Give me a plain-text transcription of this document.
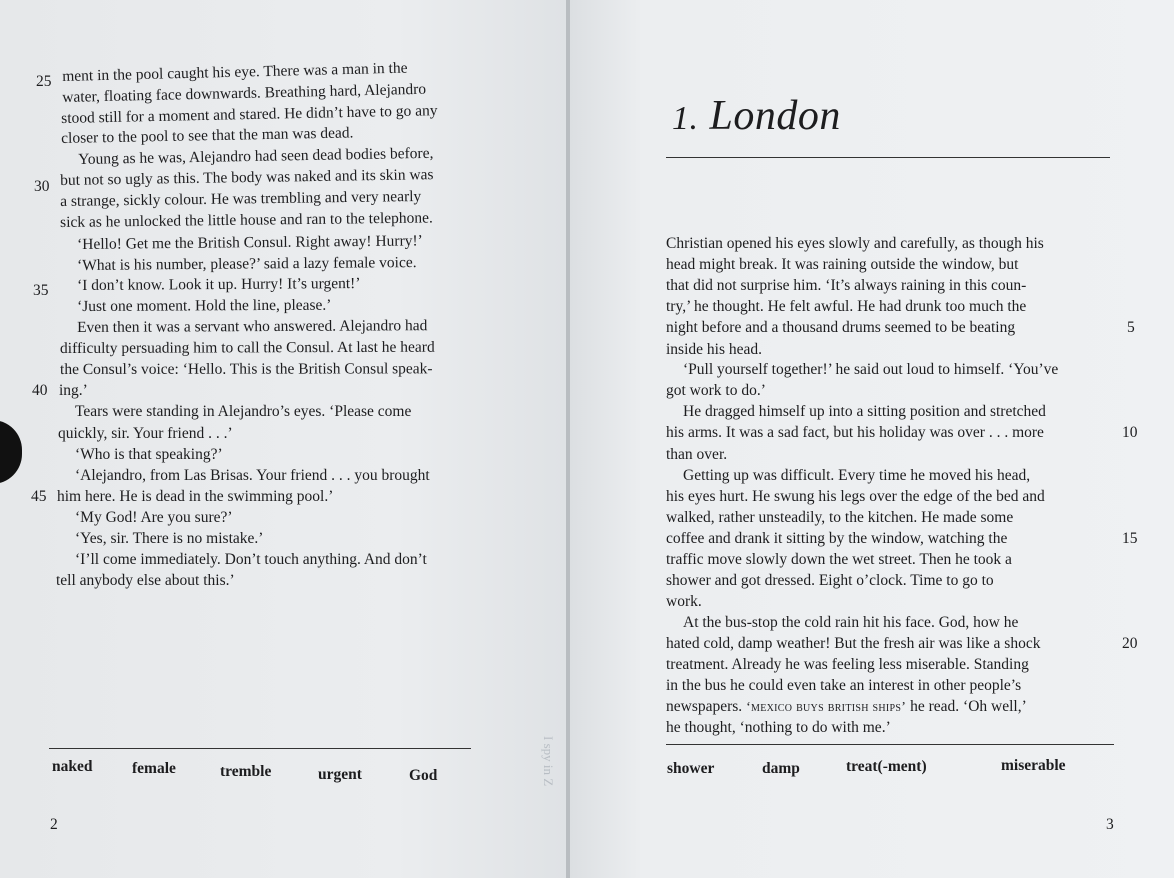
ment in the pool caught his eye. There was a man in the
water, floating face downwards. Breathing hard, Alejandro
stood still for a moment and stared. He didn’t have to go any
closer to the pool to see that the man was dead.
Young as he was, Alejandro had seen dead bodies before,
but not so ugly as this. The body was naked and its skin was
a strange, sickly colour. He was trembling and very nearly
sick as he unlocked the little house and ran to the telephone.
‘Hello! Get me the British Consul. Right away! Hurry!’
‘What is his number, please?’ said a lazy female voice.
‘I don’t know. Look it up. Hurry! It’s urgent!’
‘Just one moment. Hold the line, please.’
Even then it was a servant who answered. Alejandro had
difficulty persuading him to call the Consul. At last he heard
the Consul’s voice: ‘Hello. This is the British Consul speak-
ing.’
Tears were standing in Alejandro’s eyes. ‘Please come
quickly, sir. Your friend . . .’
‘Who is that speaking?’
‘Alejandro, from Las Brisas. Your friend . . . you brought
him here. He is dead in the swimming pool.’
‘My God! Are you sure?’
‘Yes, sir. There is no mistake.’
‘I’ll come immediately. Don’t touch anything. And don’t
tell anybody else about this.’
25
30
35
40
45
naked	female	tremble	urgent	God
2
I spy in Z
1. London
Christian opened his eyes slowly and carefully, as though his
head might break. It was raining outside the window, but
that did not surprise him. ‘It’s always raining in this coun-
try,’ he thought. He felt awful. He had drunk too much the
night before and a thousand drums seemed to be beating
inside his head.
‘Pull yourself together!’ he said out loud to himself. ‘You’ve
got work to do.’
He dragged himself up into a sitting position and stretched
his arms. It was a sad fact, but his holiday was over . . . more
than over.
Getting up was difficult. Every time he moved his head,
his eyes hurt. He swung his legs over the edge of the bed and
walked, rather unsteadily, to the kitchen. He made some
coffee and drank it sitting by the window, watching the
traffic move slowly down the wet street. Then he took a
shower and got dressed. Eight o’clock. Time to go to
work.
At the bus-stop the cold rain hit his face. God, how he
hated cold, damp weather! But the fresh air was like a shock
treatment. Already he was feeling less miserable. Standing
in the bus he could even take an interest in other people’s
newspapers. ‘mexico buys british ships’ he read. ‘Oh well,’
he thought, ‘nothing to do with me.’
5
10
15
20
shower	damp	treat(-ment)	miserable
3
